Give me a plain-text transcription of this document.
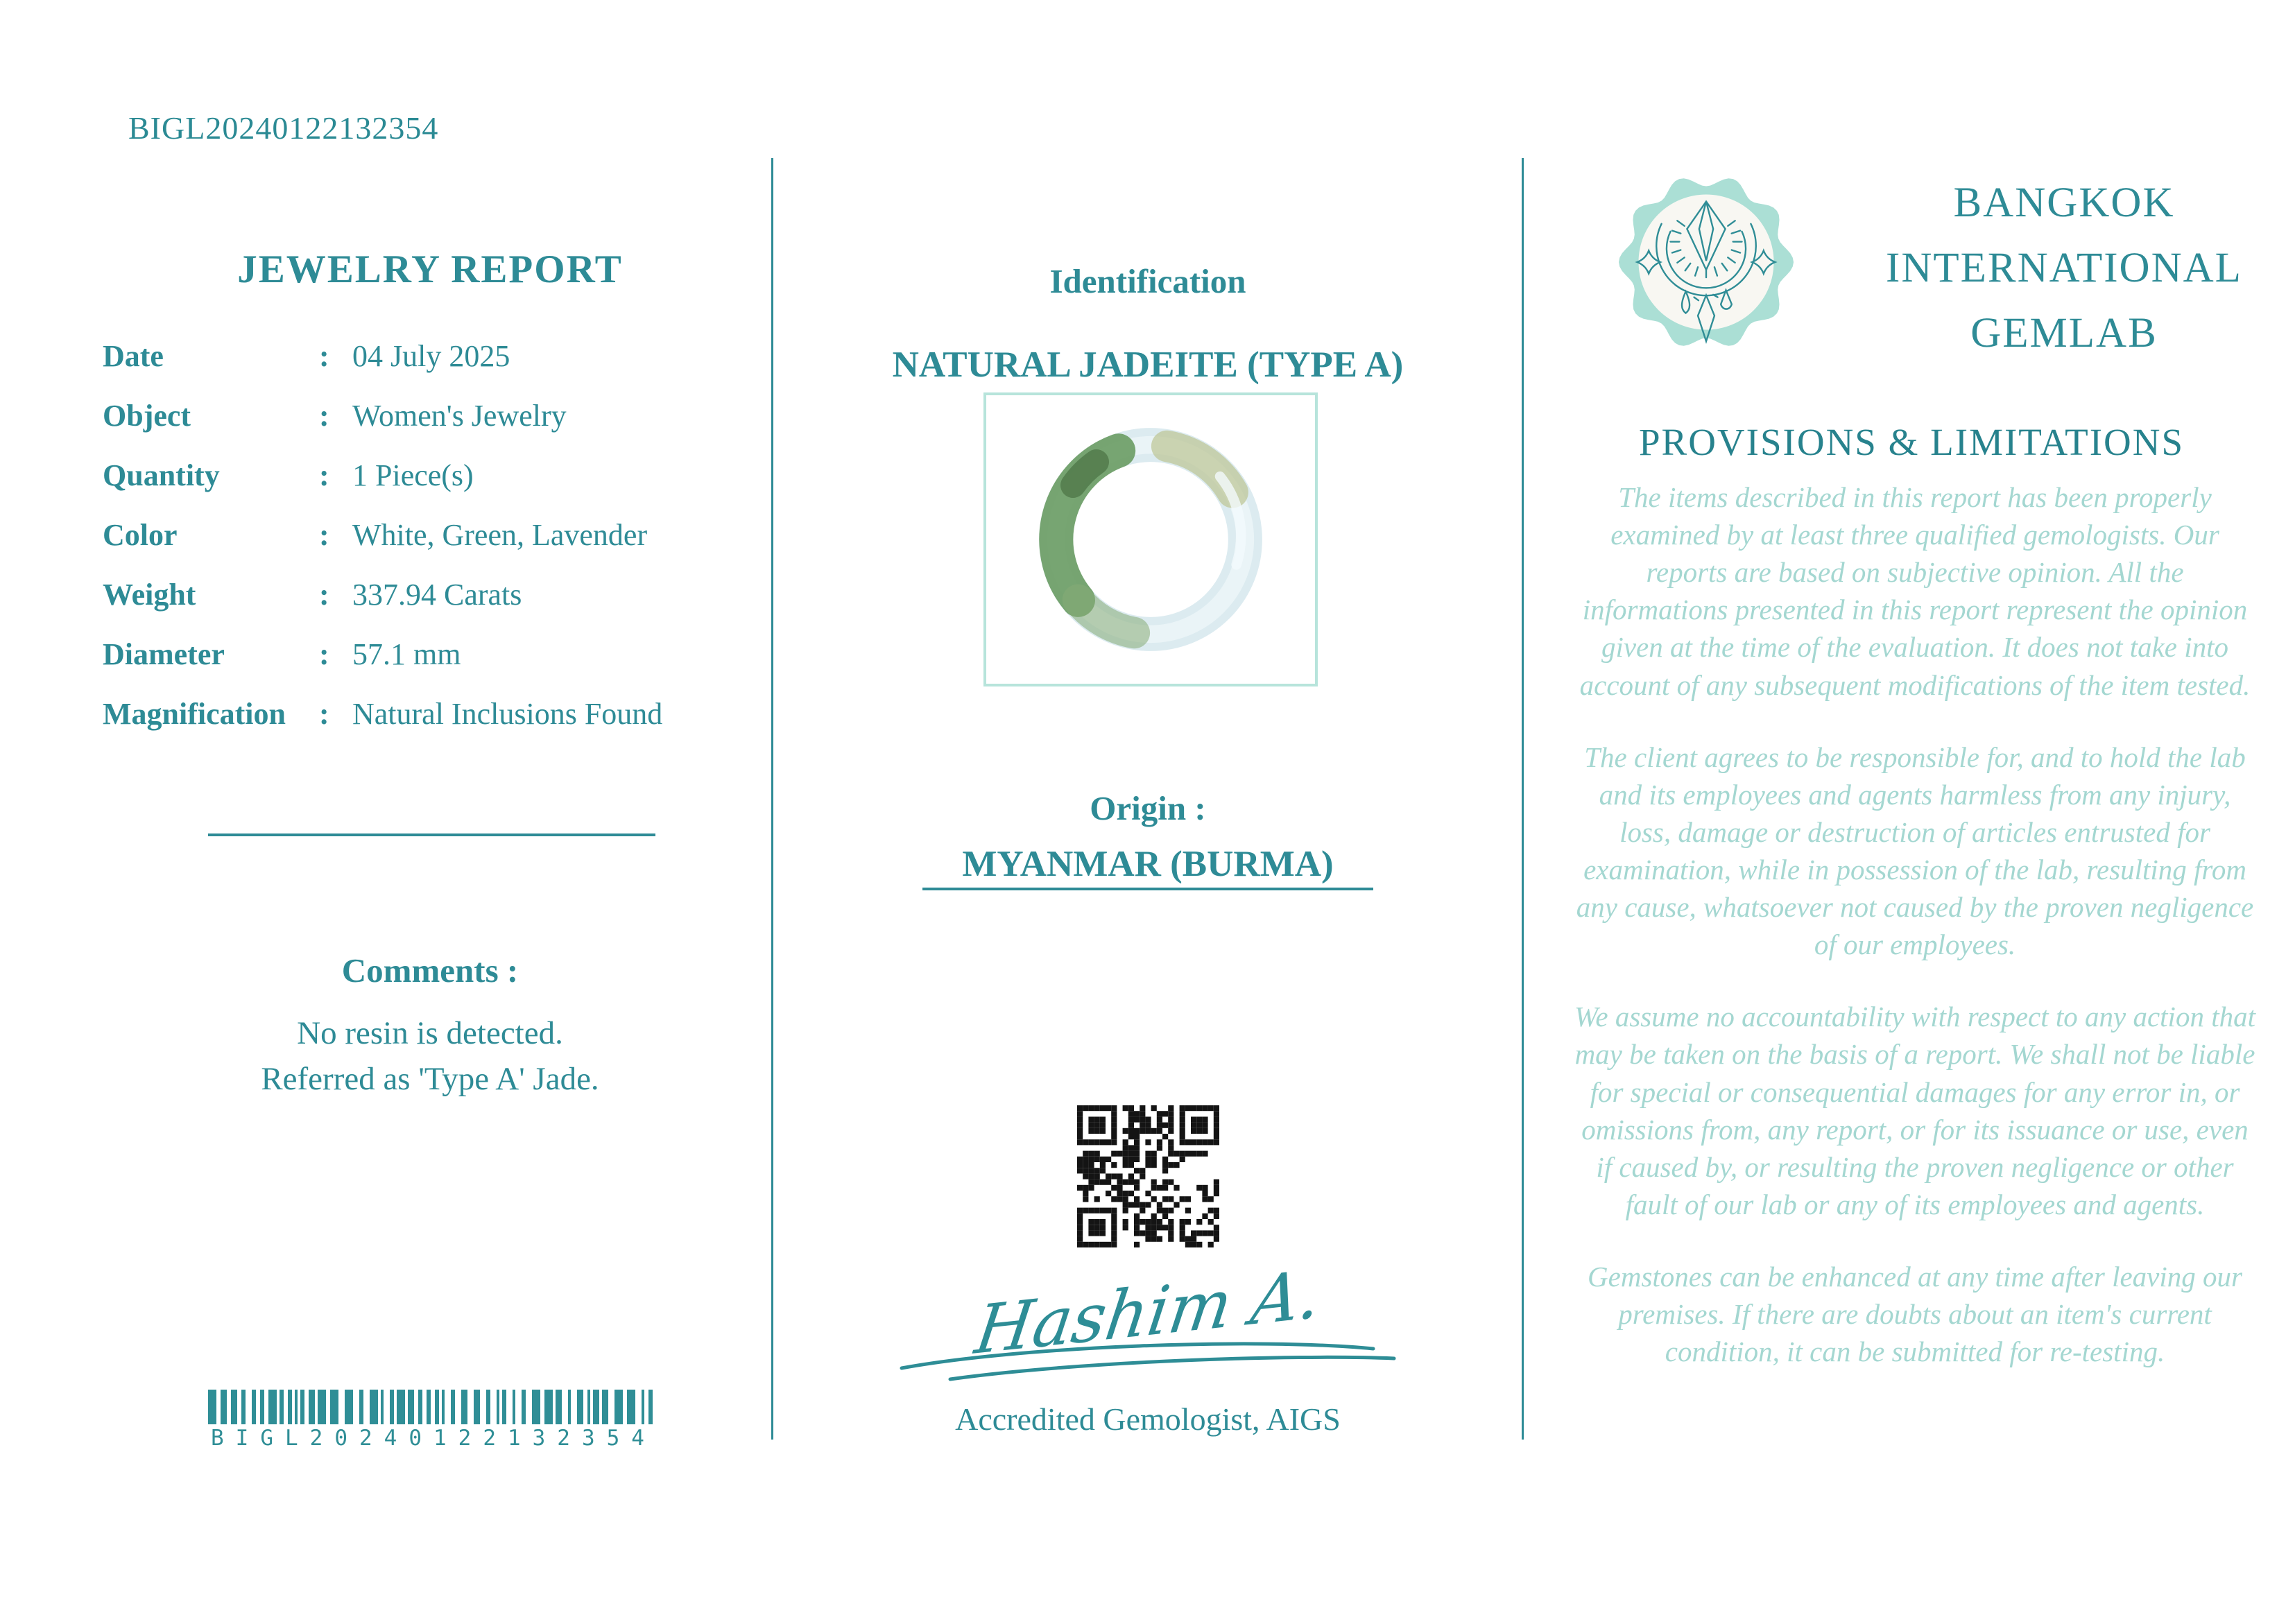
BIGL20240122132354
JEWELRY REPORT
Date	: 04 July 2025
Object	: Women's Jewelry
Quantity	: 1 Piece(s)
Color	: White, Green, Lavender
Weight	: 337.94 Carats
Diameter	: 57.1 mm
Magnification	: Natural Inclusions Found
Comments :

No resin is detected.

Referred as 'Type A' Jade.

BIGL20240122132354
Identification
NATURAL JADEITE (TYPE A)
Origin :
MYANMAR (BURMA)
Hashim A.
Accredited Gemologist, AIGS
BANGKOK
INTERNATIONAL
GEMLAB
PROVISIONS & LIMITATIONS

The items described in this report has been properly examined by at least three qualified gemologists. Our reports are based on subjective opinion. All the informations presented in this report represent the opinion given at the time of the evaluation. It does not take into account of any subsequent modifications of the item tested.

The client agrees to be responsible for, and to hold the lab and its employees and agents harmless from any injury, loss, damage or destruction of articles entrusted for examination, while in possession of the lab, resulting from any cause, whatsoever not caused by the proven negligence of our employees.

We assume no accountability with respect to any action that may be taken on the basis of a report. We shall not be liable for special or consequential damages for any error in, or omissions from, any report, or for its issuance or use, even if caused by, or resulting the proven negligence or other fault of our lab or any of its employees and agents.

Gemstones can be enhanced at any time after leaving our premises. If there are doubts about an item's current condition, it can be submitted for re-testing.
